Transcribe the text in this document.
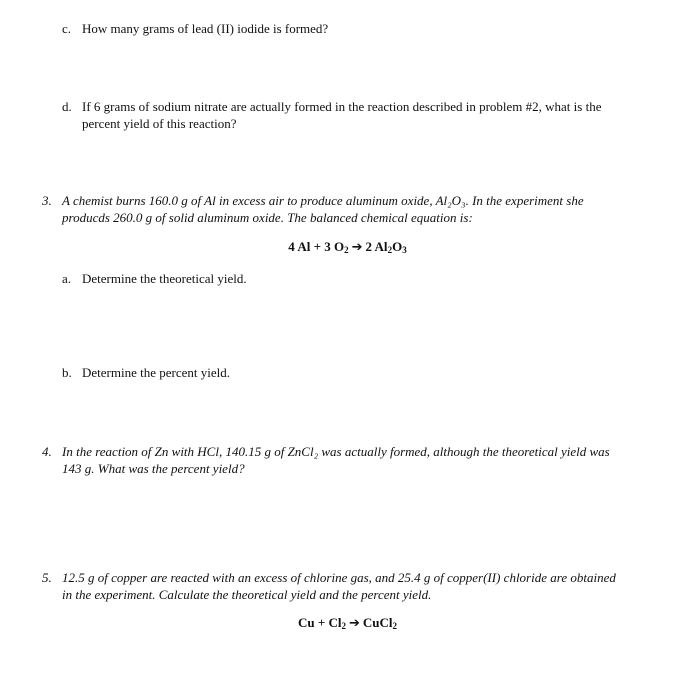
c. How many grams of lead (II) iodide is formed?
d. If 6 grams of sodium nitrate are actually formed in the reaction described in problem #2, what is the
percent yield of this reaction?
3. A chemist burns 160.0 g of Al in excess air to produce aluminum oxide, Al₂O₃. In the experiment she
producds 260.0 g of solid aluminum oxide. The balanced chemical equation is:
4 Al + 3 $O_2$ ➔ 2 $Al_2O_3$
a. Determine the theoretical yield.
b. Determine the percent yield.
4. In the reaction of Zn with HCl, 140.15 g of ZnCl₂ was actually formed, although the theoretical yield was
143 g. What was the percent yield?
5. 12.5 g of copper are reacted with an excess of chlorine gas, and 25.4 g of copper(II) chloride are obtained
in the experiment. Calculate the theoretical yield and the percent yield.
$Cu + Cl_2$ ➔ CuCl$_2$
